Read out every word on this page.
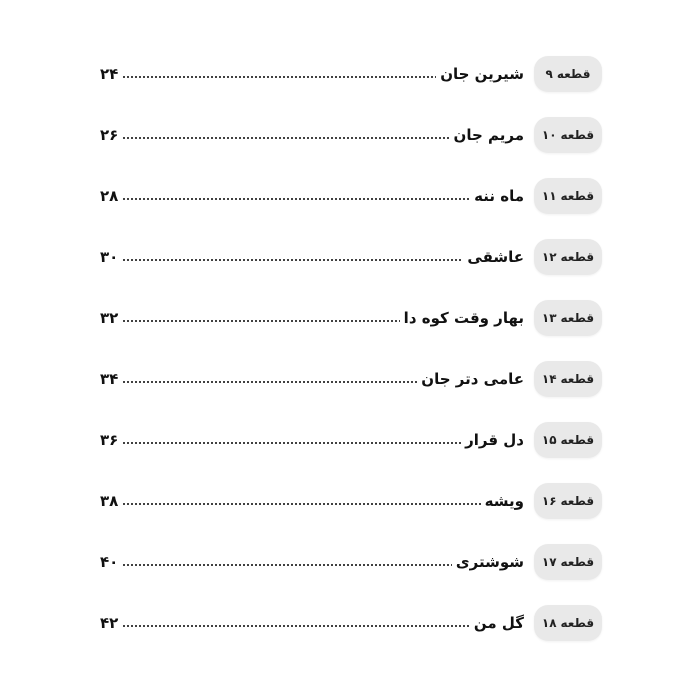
قطعه
۹
شیرین جان
۲۴
قطعه
۱۰
مریم جان
۲۶
قطعه
۱۱
ماه ننه
۲۸
قطعه
۱۲
عاشقی
۳۰
قطعه
۱۳
بهار وقت کوه دا
۳۲
قطعه
۱۴
عامی دتر جان
۳۴
قطعه
۱۵
دل قرار
۳۶
قطعه
۱۶
ویشه
۳۸
قطعه
۱۷
شوشتری
۴۰
قطعه
۱۸
گل من
۴۲
